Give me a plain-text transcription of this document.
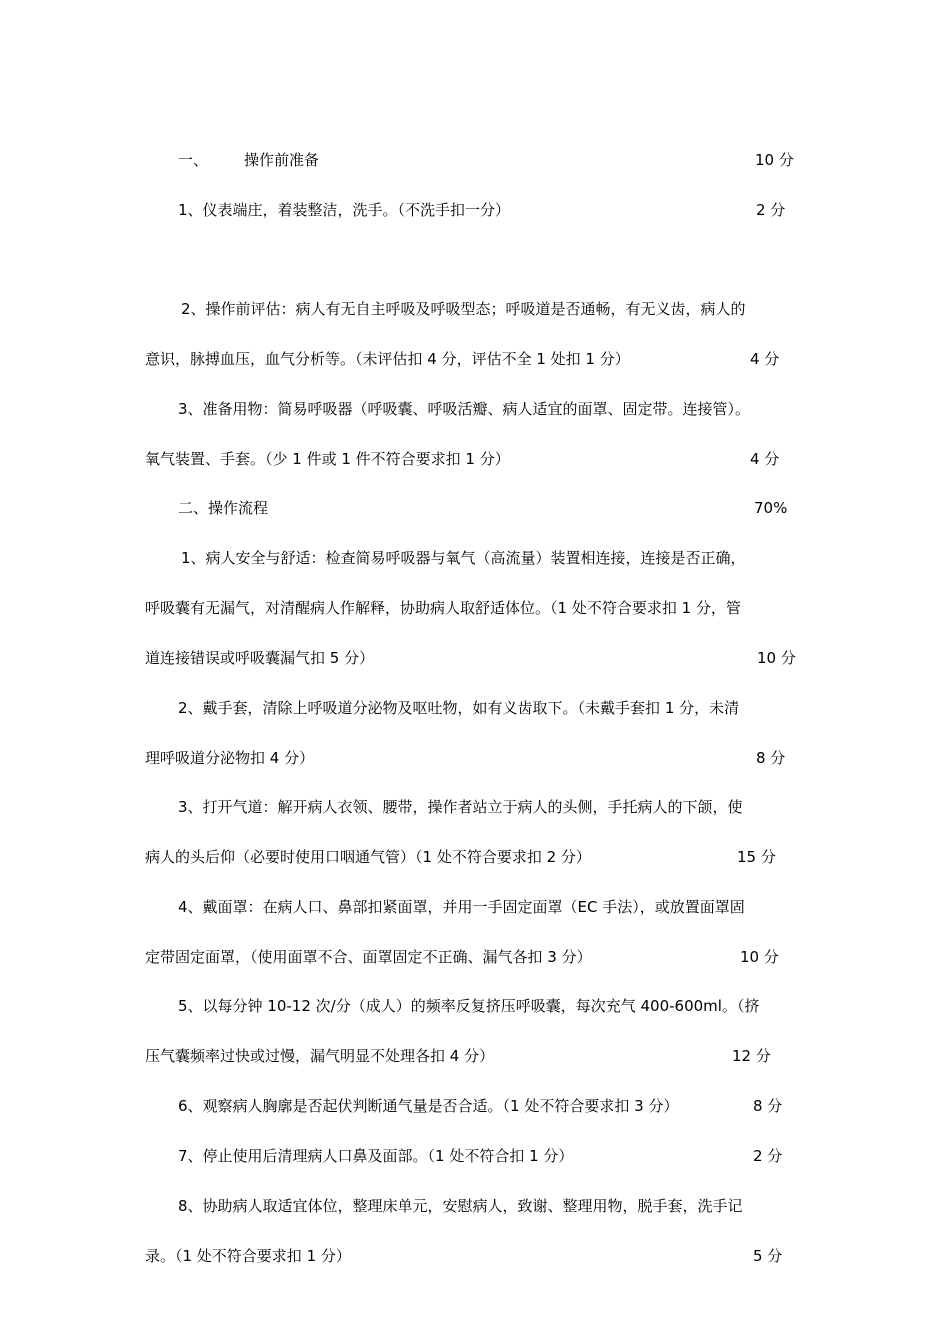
一、 操作前准备	10 分
1、仪表端庄，着装整洁，洗手。（不洗手扣一分）	2 分
2、操作前评估：病人有无自主呼吸及呼吸型态；呼吸道是否通畅，有无义齿，病人的
意识，脉搏血压，血气分析等。（未评估扣 4 分，评估不全 1 处扣 1 分）	4 分
3、准备用物：简易呼吸器（呼吸囊、呼吸活瓣、病人适宜的面罩、固定带。连接管）。
氧气装置、手套。（少 1 件或 1 件不符合要求扣 1 分）	4 分
二、操作流程	70%
1、病人安全与舒适：检查简易呼吸器与氧气（高流量）装置相连接，连接是否正确，
呼吸囊有无漏气，对清醒病人作解释，协助病人取舒适体位。（1 处不符合要求扣 1 分，管
道连接错误或呼吸囊漏气扣 5 分）	10 分
2、戴手套，清除上呼吸道分泌物及呕吐物，如有义齿取下。（未戴手套扣 1 分，未清
理呼吸道分泌物扣 4 分）	8 分
3、打开气道：解开病人衣领、腰带，操作者站立于病人的头侧，手托病人的下颌，使
病人的头后仰（必要时使用口咽通气管）（1 处不符合要求扣 2 分）	15 分
4、戴面罩：在病人口、鼻部扣紧面罩，并用一手固定面罩（EC 手法），或放置面罩固
定带固定面罩，（使用面罩不合、面罩固定不正确、漏气各扣 3 分）	10 分
5、以每分钟 10-12 次/分（成人）的频率反复挤压呼吸囊，每次充气 400-600ml。（挤
压气囊频率过快或过慢，漏气明显不处理各扣 4 分）	12 分
6、观察病人胸廓是否起伏判断通气量是否合适。（1 处不符合要求扣 3 分）	8 分
7、停止使用后清理病人口鼻及面部。（1 处不符合扣 1 分）	2 分
8、协助病人取适宜体位，整理床单元，安慰病人，致谢、整理用物，脱手套，洗手记
录。（1 处不符合要求扣 1 分）	5 分
